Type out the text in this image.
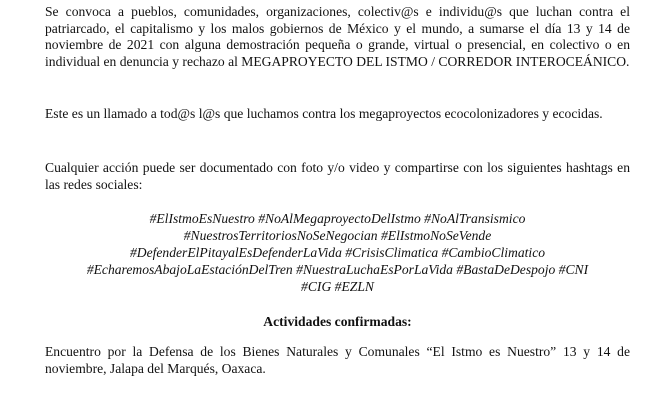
Se convoca a pueblos, comunidades, organizaciones, colectiv@s e individu@s que luchan contra el patriarcado, el capitalismo y los malos gobiernos de México y el mundo, a sumarse el día 13 y 14 de noviembre de 2021 con alguna demostración pequeña o grande, virtual o presencial, en colectivo o en individual en denuncia y rechazo al MEGAPROYECTO DEL ISTMO / CORREDOR INTEROCEÁNICO.

Este es un llamado a tod@s l@s que luchamos contra los megaproyectos ecocolonizadores y ecocidas.

Cualquier acción puede ser documentado con foto y/o video y compartirse con los siguientes hashtags en las redes sociales:

#ElIstmoEsNuestro #NoAlMegaproyectoDelIstmo #NoAlTransismico
#NuestrosTerritoriosNoSeNegocian #ElIstmoNoSeVende
#DefenderElPitayalEsDefenderLaVida #CrisisClimatica #CambioClimatico
#EcharemosAbajoLaEstaciónDelTren #NuestraLuchaEsPorLaVida #BastaDeDespojo #CNI
#CIG #EZLN

Actividades confirmadas:

Encuentro por la Defensa de los Bienes Naturales y Comunales “El Istmo es Nuestro” 13 y 14 de noviembre, Jalapa del Marqués, Oaxaca.
